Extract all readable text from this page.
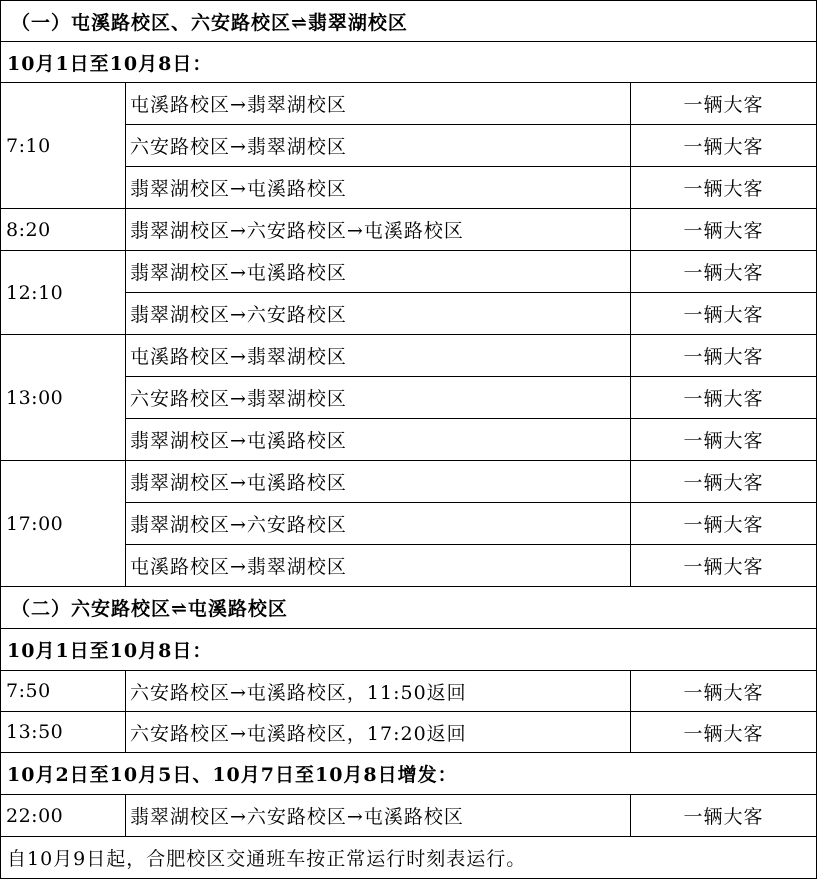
（一）屯溪路校区、六安路校区⇌翡翠湖校区		
10月1日至10月8日：		
7:10	屯溪路校区→翡翠湖校区	一辆大客
	六安路校区→翡翠湖校区	一辆大客
	翡翠湖校区→屯溪路校区	一辆大客
8:20	翡翠湖校区→六安路校区→屯溪路校区	一辆大客
12:10	翡翠湖校区→屯溪路校区	一辆大客
	翡翠湖校区→六安路校区	一辆大客
13:00	屯溪路校区→翡翠湖校区	一辆大客
	六安路校区→翡翠湖校区	一辆大客
	翡翠湖校区→屯溪路校区	一辆大客
17:00	翡翠湖校区→屯溪路校区	一辆大客
	翡翠湖校区→六安路校区	一辆大客
	屯溪路校区→翡翠湖校区	一辆大客
（二）六安路校区⇌屯溪路校区		
10月1日至10月8日：		
7:50	六安路校区→屯溪路校区，11:50返回	一辆大客
13:50	六安路校区→屯溪路校区，17:20返回	一辆大客
10月2日至10月5日、10月7日至10月8日增发：		
22:00	翡翠湖校区→六安路校区→屯溪路校区	一辆大客
自10月9日起，合肥校区交通班车按正常运行时刻表运行。		
